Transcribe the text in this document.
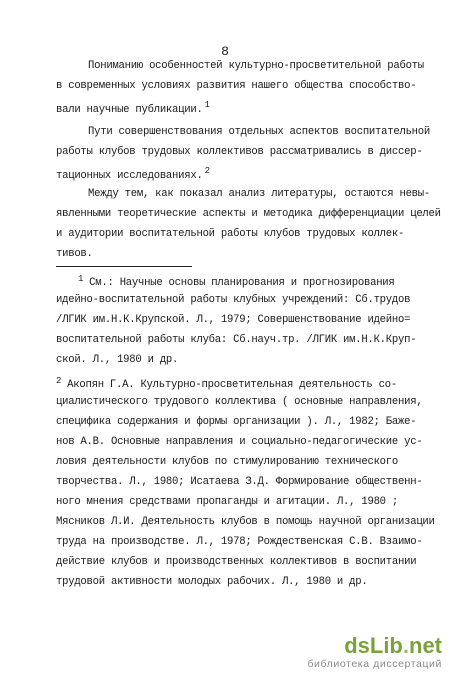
8
Пониманию особенностей культурно-просветительной работы
в современных условиях развития нашего общества способство-
вали научные публикации. $^1$
Пути совершенствования отдельных аспектов воспитательной
работы клубов трудовых коллективов рассматривались в диссер-
тационных исследованиях. $^2$
Между тем, как показал анализ литературы, остаются невы-
явленными теоретические аспекты и методика дифференциации целей
и аудитории воспитательной работы клубов трудовых коллек-
тивов.
$^1$ См.: Научные основы планирования и прогнозирования
идейно-воспитательной работы клубных учреждений: Сб.трудов
/ЛГИК им.Н.К.Крупской. Л., 1979; Совершенствование идейно=
воспитательной работы клуба: Сб.науч.тр. /ЛГИК им.Н.К.Круп-
ской. Л., 1980 и др.
$^2$ Акопян Г.А. Культурно-просветительная деятельность со-
циалистического трудового коллектива ( основные направления,
специфика содержания и формы организации ). Л., 1982; Баже-
нов А.В. Основные направления и социально-педагогические ус-
ловия деятельности клубов по стимулированию технического
творчества. Л., 1980; Исатаева З.Д. Формирование общественн-
ного мнения средствами пропаганды и агитации. Л., 1980 ;
Мясников Л.И. Деятельность клубов в помощь научной организации
труда на производстве. Л., 1978; Рождественская С.В. Взаимо-
действие клубов и производственных коллективов в воспитании
трудовой активности молодых рабочих. Л., 1980 и др.
dsLib.net
библиотека диссертаций
